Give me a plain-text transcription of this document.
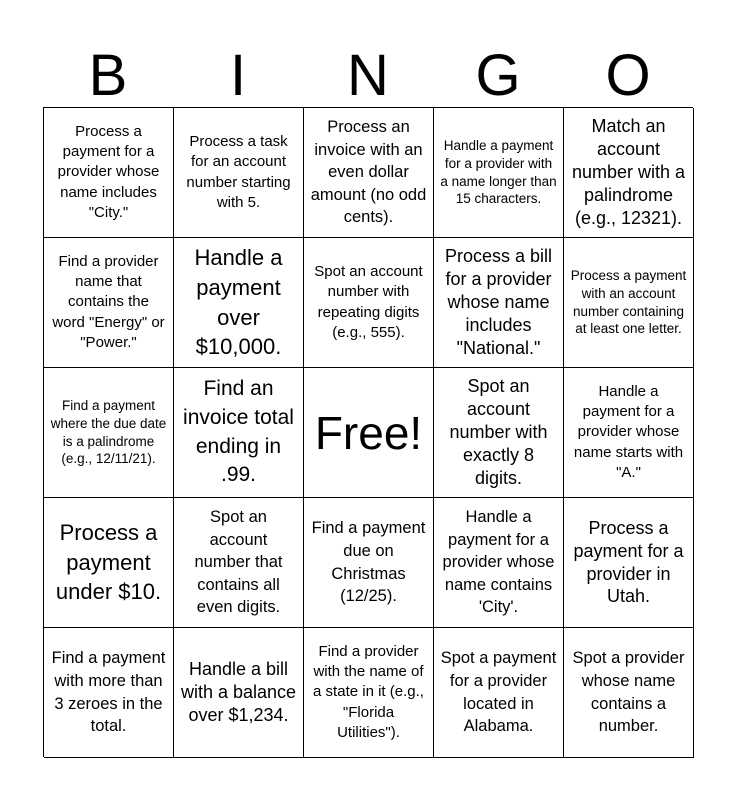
B	I	N	G	O
Process a payment for a provider whose name includes "City."
Process a task for an account number starting with 5.
Process an invoice with an even dollar amount (no odd cents).
Handle a payment for a provider with a name longer than 15 characters.
Match an account number with a palindrome (e.g., 12321).
Find a provider name that contains the word "Energy" or "Power."
Handle a payment over $10,000.
Spot an account number with repeating digits (e.g., 555).
Process a bill for a provider whose name includes "National."
Process a payment with an account number containing at least one letter.
Find a payment where the due date is a palindrome (e.g., 12/11/21).
Find an invoice total ending in .99.
Free!
Spot an account number with exactly 8 digits.
Handle a payment for a provider whose name starts with "A."
Process a payment under $10.
Spot an account number that contains all even digits.
Find a payment due on Christmas (12/25).
Handle a payment for a provider whose name contains 'City'.
Process a payment for a provider in Utah.
Find a payment with more than 3 zeroes in the total.
Handle a bill with a balance over $1,234.
Find a provider with the name of a state in it (e.g., "Florida Utilities").
Spot a payment for a provider located in Alabama.
Spot a provider whose name contains a number.
